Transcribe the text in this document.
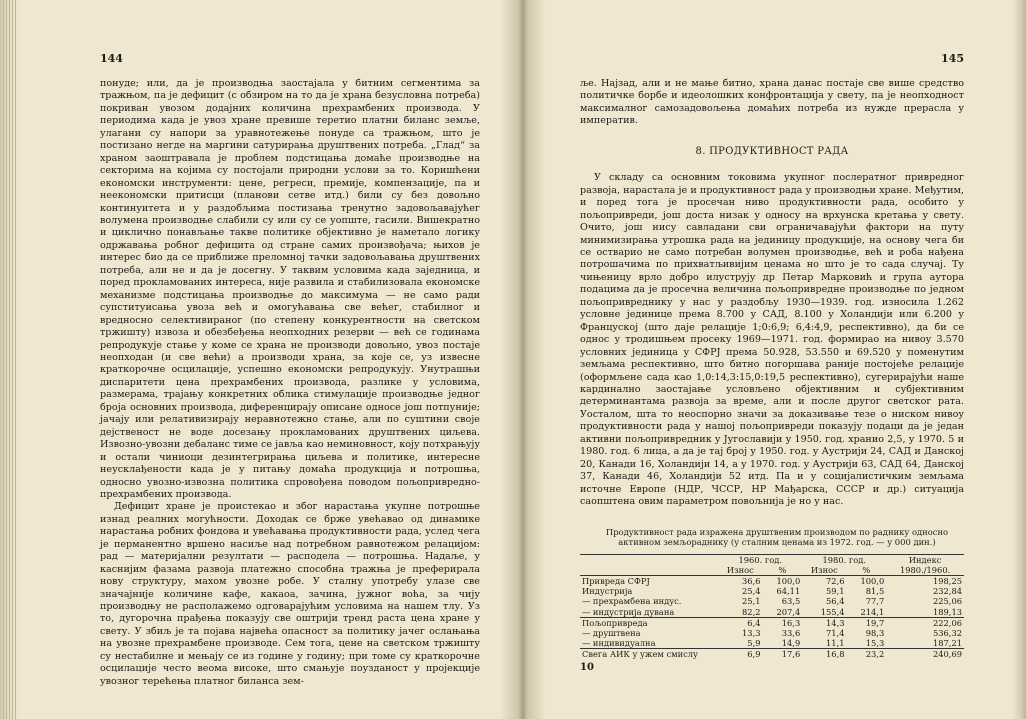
144

понуде; или, да је производња заостајала у битним сегментима за тражњом, па је дефицит (с обзиром на то да је храна безусловна потреба) покриван увозом додајних количина прехрамбених производа. У периодима када је увоз хране превише теретио платни биланс земље, улагани су напори за уравнотежење понуде са тражњом, што је постизано негде на маргини сатурирања друштвених потреба. „Глад“ за храном заоштравала је проблем подстицања домаће производње на секторима на којима су постојали природни услови за то. Коришћени економски инструменти: цене, регреси, премије, компензације, па и неекономски притисци (планови сетве итд.) били су без довољно континуитета и у раздобљима постизања тренутно задовољавајућег волумена производње слабили су или су се уопште, гасили. Вишекратно и циклично понављање такве политике објективно је наметало логику одржавања робног дефицита од стране самих произвођача; њихов је интерес био да се приближе преломној тачки задовољавања друштвених потреба, али не и да је досегну. У таквим условима када заједница, и поред прокламованих интереса, није развила и стабилизовала економске механизме подстицања производње до максимума — не само ради супституисања увоза већ и омогућавања све већег, стабилног и вредносно селективираног (по степену конкурентности на светском тржишту) извоза и обезбеђења неопходних резерви — већ се годинама репродукује стање у коме се храна не производи довољно, увоз постаје неопходан (и све већи) а производи храна, за које се, уз извесне краткорочне осцилације, успешно економски репродукују. Унутрашњи диспаритети цена прехрамбених производа, разлике у условима, размерама, трајању конкретних облика стимулације производње једног броја основних производа, диференцирају описане односе још потпуније; јачају или релативизирају неравнотежно стање, али по суштини своје дејственост не воде досезању прокламованих друштвених циљева. Извозно-увозни дебаланс тиме се јавља као неминовност, коју потхрањују и остали чиниоци дезинтегрирања циљева и политике, интересне неусклађености када је у питању домаћа продукција и потрошња, односно увозно-извозна политика спровођена поводом пољопривредно-прехрамбених производа.

Дефицит хране је проистекао и због нарастања укупне потрошње изнад реалних могућности. Доходак се брже увећавао од динамике нарастања робних фондова и увећавања продуктивности рада, услед чега је перманентно вршено насиље над потребном равнотежом релацијом: рад — материјални резултати — расподела — потрошња. Надаље, у каснијим фазама развоја платежно способна тражња је преферирала нову структуру, махом увозне робе. У сталну употребу улазе све значајније количине кафе, какаоа, зачина, јужног воћа, за чију производњу не располажемо одговарајућим условима на нашем тлу. Уз то, дугорочна прађења показују све оштрији тренд раста цена хране у свету. У збиљ је та појава највећа опасност за политику јачег ослањања на увозне прехрамбене производе. Сем тога, цене на светском тржишту су нестабилне и мењају се из године у годину; при томе су краткорочне осцилације често веома високе, што смањује поузданост у пројекције увозног терећења платног биланса зем-

145

ље. Најзад, али и не мање битно, храна данас постаје све више средство политичке борбе и идеолошких конфронтација у свету, па је неопходност максималног самозадовољења домаћих потреба из нужде прерасла у императив.

8. ПРОДУКТИВНОСТ РАДА

У складу са основним токовима укупног послератног привредног развоја, нарастала је и продуктивност рада у производњи хране. Међутим, и поред тога је просечан ниво продуктивности рада, особито у пољопривреди, још доста низак у односу на врхунска кретања у свету. Очито, још нису савладани сви ограничавајући фактори на путу минимизирања утрошка рада на јединицу продукције, на основу чега би се остварио не само потребан волумен производње, већ и роба нађена потрошачима по прихватљивијим ценама но што је то сада случај. Ту чињеницу врло добро илуструју др Петар Марковић и група аутора подацима да је просечна величина пољопривредне производње по једном пољопривреднику у нас у раздобљу 1930—1939. год. износила 1.262 условне јединице према 8.700 у САД, 8.100 у Холандији или 6.200 у Француској (што даје релације 1;0:6,9; 6,4:4,9, респективно), да би се однос у тродишњем просеку 1969—1971. год. формирао на нивоу 3.570 условних јединица у СФРЈ према 50.928, 53.550 и 69.520 у поменутим земљама респективно, што битно погоршава раније постојеће релације (оформљене сада као 1,0:14,3:15,0:19,5 респективно), сугерирајући наше кардинално заостајање условљено објективним и субјективним детерминантама развоја за време, али и после другог светског рата. Уосталом, шта то неоспорно значи за доказивање тезе о ниском нивоу продуктивности рада у нашој пољопривреди показују подаци да је један активни пољопривредник у Југославији у 1950. год. хранио 2,5, у 1970. 5 и 1980. год. 6 лица, а да је тај број у 1950. год. у Аустрији 24, САД и Данској 20, Канади 16, Холандији 14, а у 1970. год. у Аустрији 63, САД 64, Данској 37, Канади 46, Холандији 52 итд. Па и у социјалистичким земљама источне Европе (НДР, ЧССР, НР Мађарска, СССР и др.) ситуација саопштена овим параметром повољнија је но у нас.

Продуктивност рада изражена друштвеним производом по раднику односно активном земљораднику (у сталним ценама из 1972. год. — у 000 дин.)
	1960. год.		1980. год.		Индекс
	Износ	%	Износ	%	1980./1960.
Привреда СФРЈ	36,6	100,0	72,6	100,0	198,25
Индустрија	25,4	64,11	59,1	81,5	232,84
— прехрамбена индус.	25,1	63,5	56,4	77,7	225,06
— индустрија дувана	82,2	207,4	155,4	214,1	189,13
Пољопривреда	6,4	16,3	14,3	19,7	222,06
— друштвена	13,3	33,6	71,4	98,3	536,32
— индивидуална	5,9	14,9	11,1	15,3	187,21
Свега АИК у ужем смислу	6,9	17,6	16,8	23,2	240,69
10
